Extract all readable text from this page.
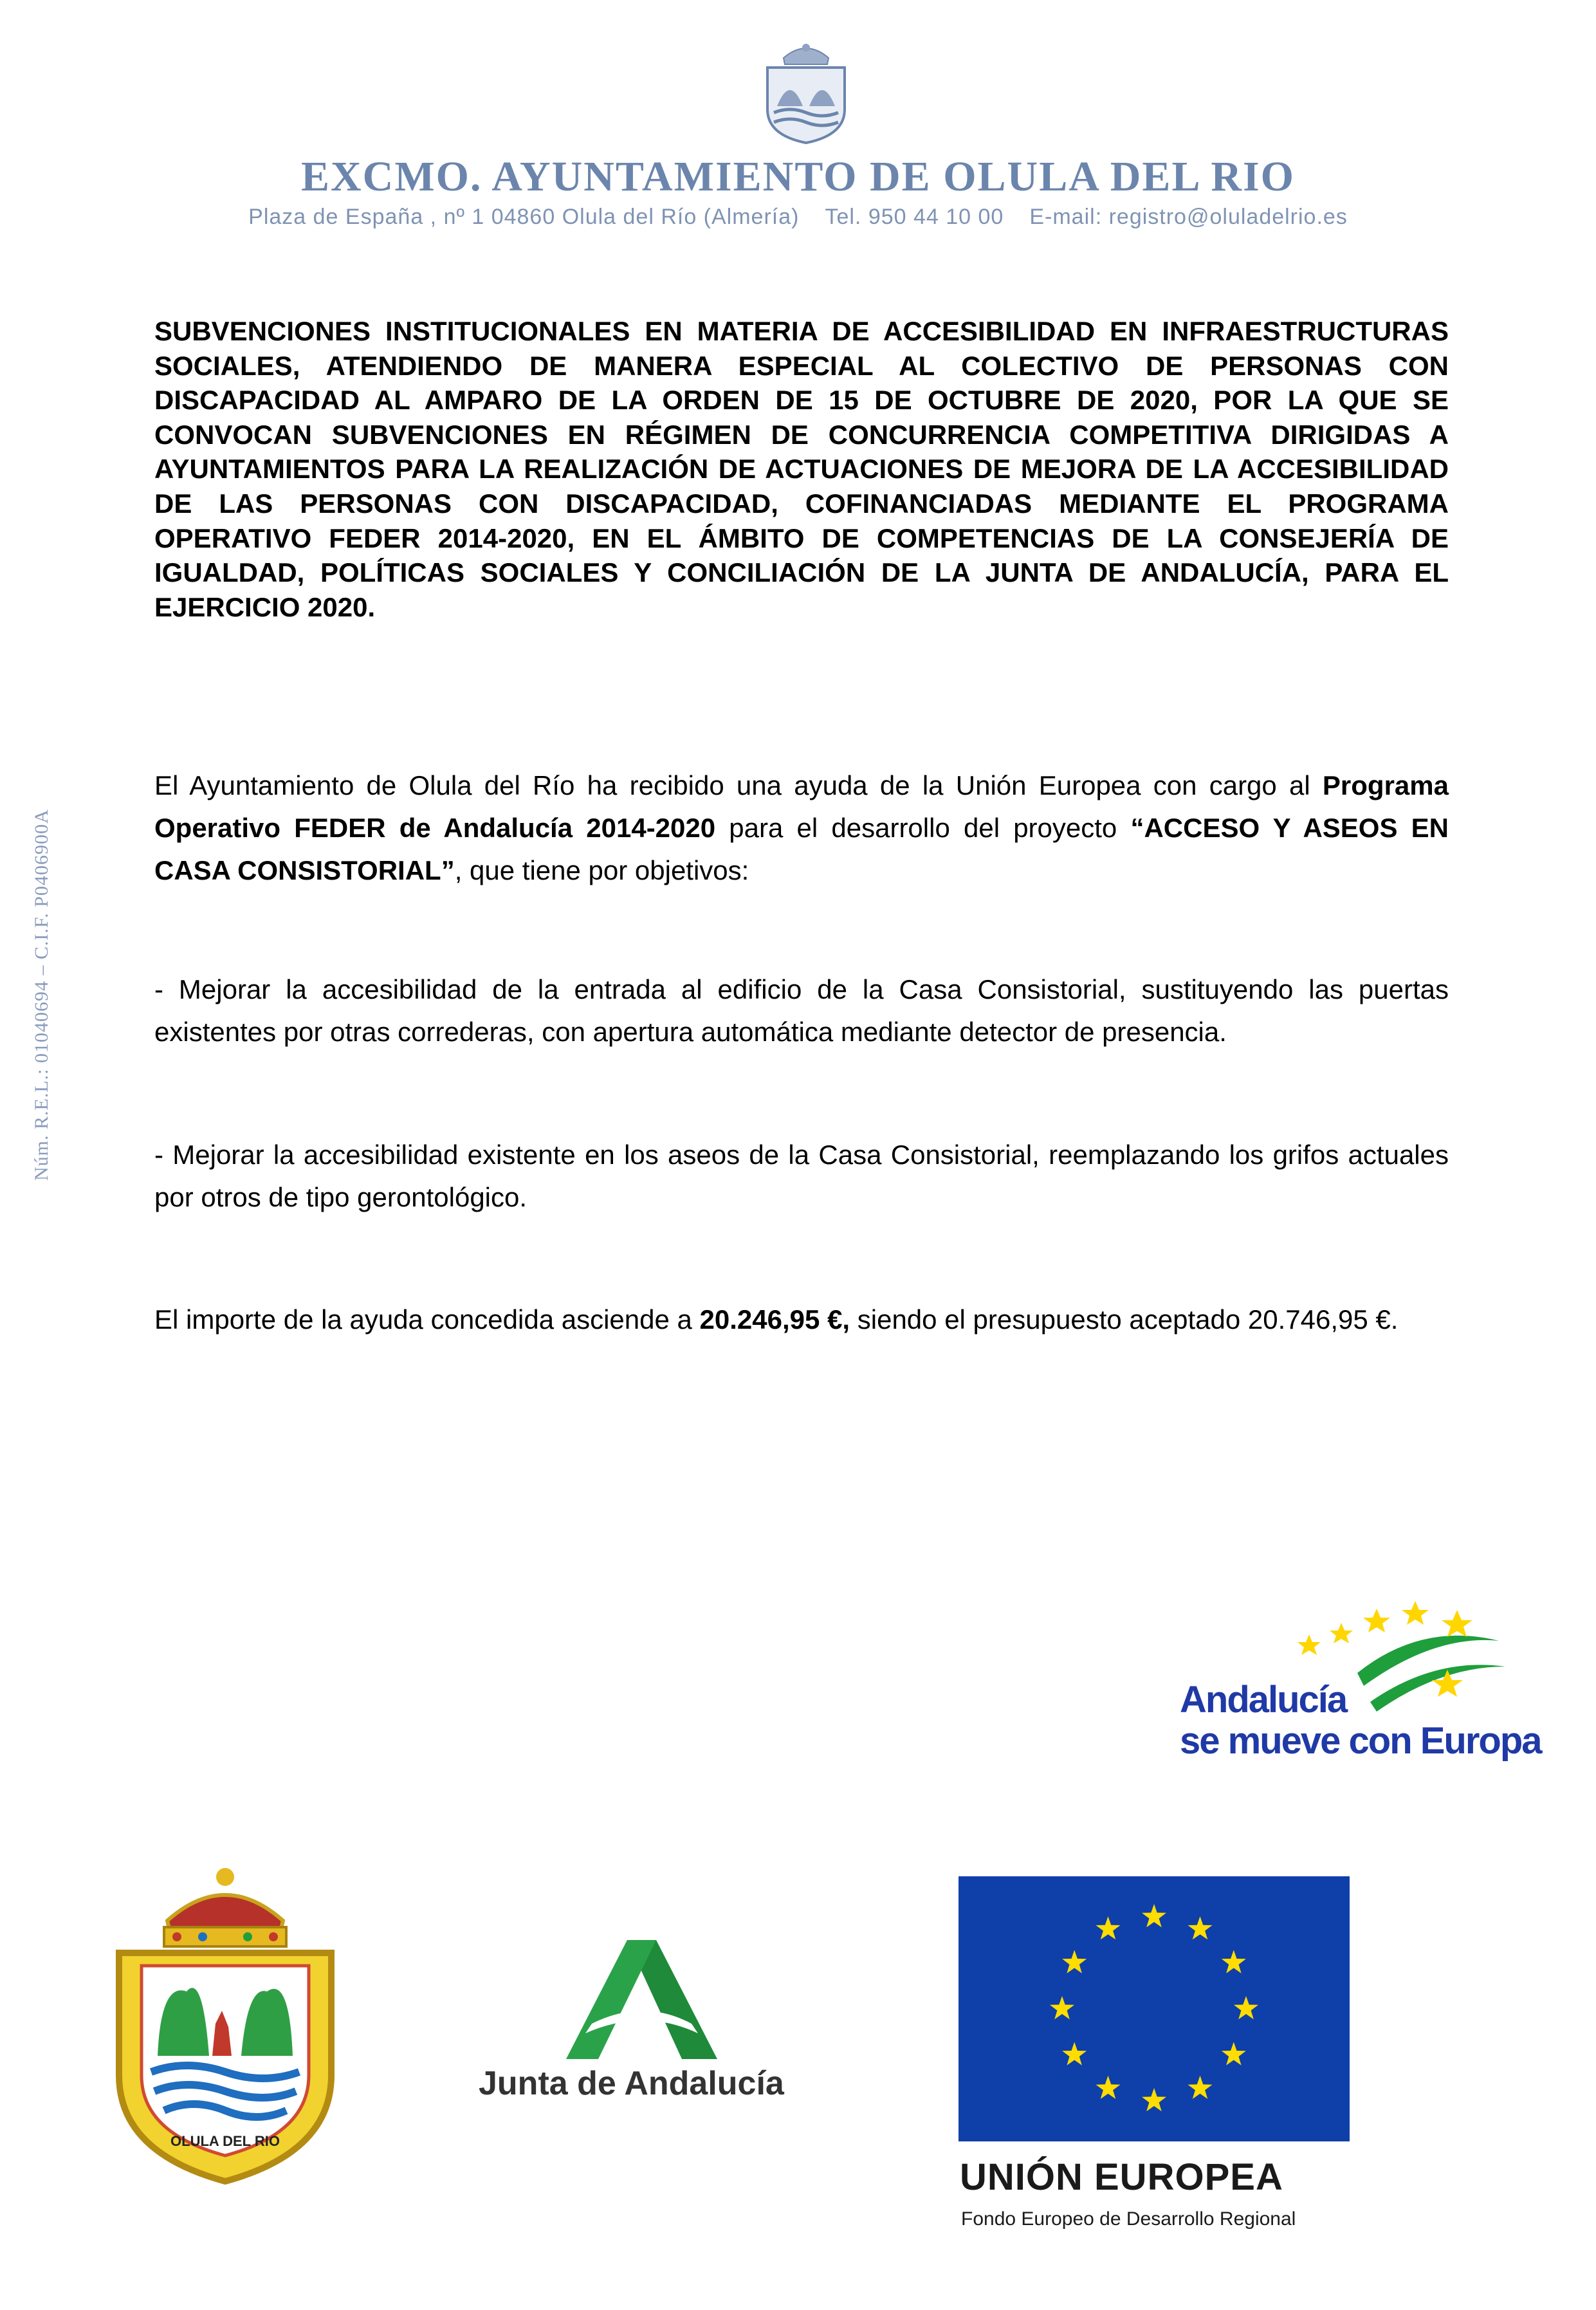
EXCMO. AYUNTAMIENTO DE OLULA DEL RIO
Plaza de España , nº 1 04860 Olula del Río (Almería) Tel. 950 44 10 00 E-mail: registro@oluladelrio.es
Núm. R.E.L.: 01040694 – C.I.F. P0406900A
SUBVENCIONES INSTITUCIONALES EN MATERIA DE ACCESIBILIDAD EN INFRAESTRUCTURAS SOCIALES, ATENDIENDO DE MANERA ESPECIAL AL COLECTIVO DE PERSONAS CON DISCAPACIDAD AL AMPARO DE LA ORDEN DE 15 DE OCTUBRE DE 2020, POR LA QUE SE CONVOCAN SUBVENCIONES EN RÉGIMEN DE CONCURRENCIA COMPETITIVA DIRIGIDAS A AYUNTAMIENTOS PARA LA REALIZACIÓN DE ACTUACIONES DE MEJORA DE LA ACCESIBILIDAD DE LAS PERSONAS CON DISCAPACIDAD, COFINANCIADAS MEDIANTE EL PROGRAMA OPERATIVO FEDER 2014-2020, EN EL ÁMBITO DE COMPETENCIAS DE LA CONSEJERÍA DE IGUALDAD, POLÍTICAS SOCIALES Y CONCILIACIÓN DE LA JUNTA DE ANDALUCÍA, PARA EL EJERCICIO 2020.
El Ayuntamiento de Olula del Río ha recibido una ayuda de la Unión Europea con cargo al Programa Operativo FEDER de Andalucía 2014-2020 para el desarrollo del proyecto “ACCESO Y ASEOS EN CASA CONSISTORIAL”, que tiene por objetivos:
- Mejorar la accesibilidad de la entrada al edificio de la Casa Consistorial, sustituyendo las puertas existentes por otras correderas, con apertura automática mediante detector de presencia.
- Mejorar la accesibilidad existente en los aseos de la Casa Consistorial, reemplazando los grifos actuales por otros de tipo gerontológico.
El importe de la ayuda concedida asciende a 20.246,95 €, siendo el presupuesto aceptado 20.746,95 €.
Andalucía
se mueve con Europa
OLULA DEL RIO
Junta de Andalucía
UNIÓN EUROPEA
Fondo Europeo de Desarrollo Regional
